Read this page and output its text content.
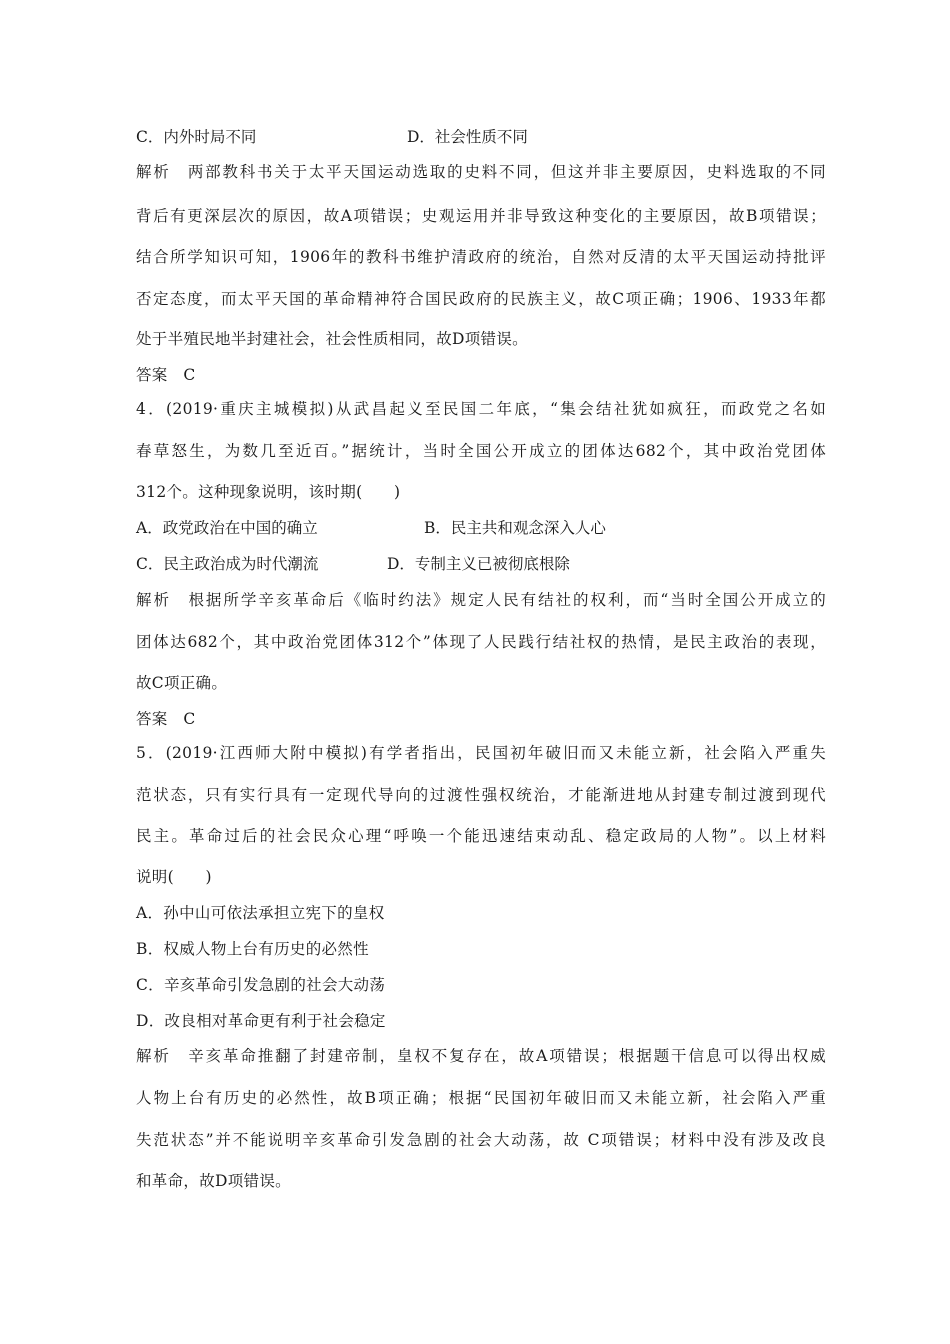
C．内外时局不同	D．社会性质不同
解析　两部教科书关于太平天国运动选取的史料不同，但这并非主要原因，史料选取的不同
背后有更深层次的原因，故A项错误；史观运用并非导致这种变化的主要原因，故B项错误；
结合所学知识可知，1906年的教科书维护清政府的统治，自然对反清的太平天国运动持批评
否定态度，而太平天国的革命精神符合国民政府的民族主义，故C项正确；1906、1933年都
处于半殖民地半封建社会，社会性质相同，故D项错误。
答案　C
4．(2019·重庆主城模拟)从武昌起义至民国二年底，“集会结社犹如疯狂，而政党之名如
春草怒生，为数几至近百。”据统计，当时全国公开成立的团体达682个，其中政治党团体
312个。这种现象说明，该时期(　　)
A．政党政治在中国的确立	B．民主共和观念深入人心
C．民主政治成为时代潮流	D．专制主义已被彻底根除
解析　根据所学辛亥革命后《临时约法》规定人民有结社的权利，而“当时全国公开成立的
团体达682个，其中政治党团体312个”体现了人民践行结社权的热情，是民主政治的表现，
故C项正确。
答案　C
5．(2019·江西师大附中模拟)有学者指出，民国初年破旧而又未能立新，社会陷入严重失
范状态，只有实行具有一定现代导向的过渡性强权统治，才能渐进地从封建专制过渡到现代
民主。革命过后的社会民众心理“呼唤一个能迅速结束动乱、稳定政局的人物”。以上材料
说明(　　)
A．孙中山可依法承担立宪下的皇权
B．权威人物上台有历史的必然性
C．辛亥革命引发急剧的社会大动荡
D．改良相对革命更有利于社会稳定
解析　辛亥革命推翻了封建帝制，皇权不复存在，故A项错误；根据题干信息可以得出权威
人物上台有历史的必然性，故B项正确；根据“民国初年破旧而又未能立新，社会陷入严重
失范状态”并不能说明辛亥革命引发急剧的社会大动荡，故 C项错误；材料中没有涉及改良
和革命，故D项错误。
